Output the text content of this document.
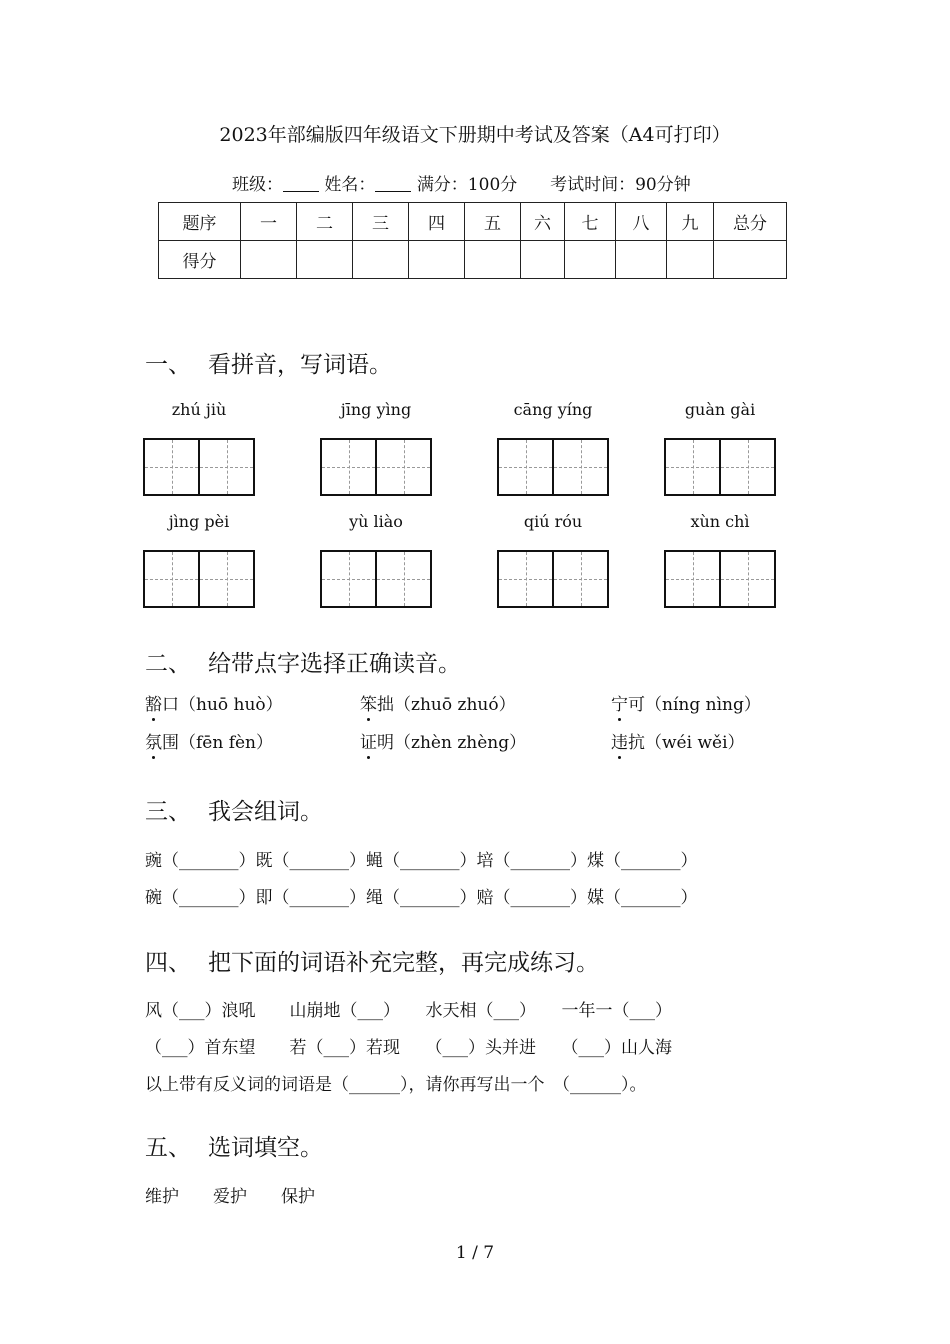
2023年部编版四年级语文下册期中考试及答案（A4可打印）
班级： 姓名： 满分：100分 考试时间：90分钟
题序	一	二	三	四	五	六	七	八	九	总分
得分										
一、 看拼音，写词语。
zhú jiù	jīng yìng	cāng yíng	guàn gài
jìng pèi	yù liào	qiú róu	xùn chì
二、 给带点字选择正确读音。
豁口（huō huò）	笨拙（zhuō zhuó）	宁可（níng nìng）
氛围（fēn fèn）	证明（zhèn zhèng）	违抗（wéi wěi）
三、 我会组词。
豌（_______）既（_______）蝇（_______）培（_______）煤（_______）
碗（_______）即（_______）绳（_______）赔（_______）媒（_______）
四、 把下面的词语补充完整，再完成练习。
风（___）浪吼　　山崩地（___）　　水天相（___）　　一年一（___）
（___）首东望　　若（___）若现　　（___）头并进　　（___）山人海
以上带有反义词的词语是（______），请你再写出一个　（______）。
五、 选词填空。
维护　　爱护　　保护
1 / 7
